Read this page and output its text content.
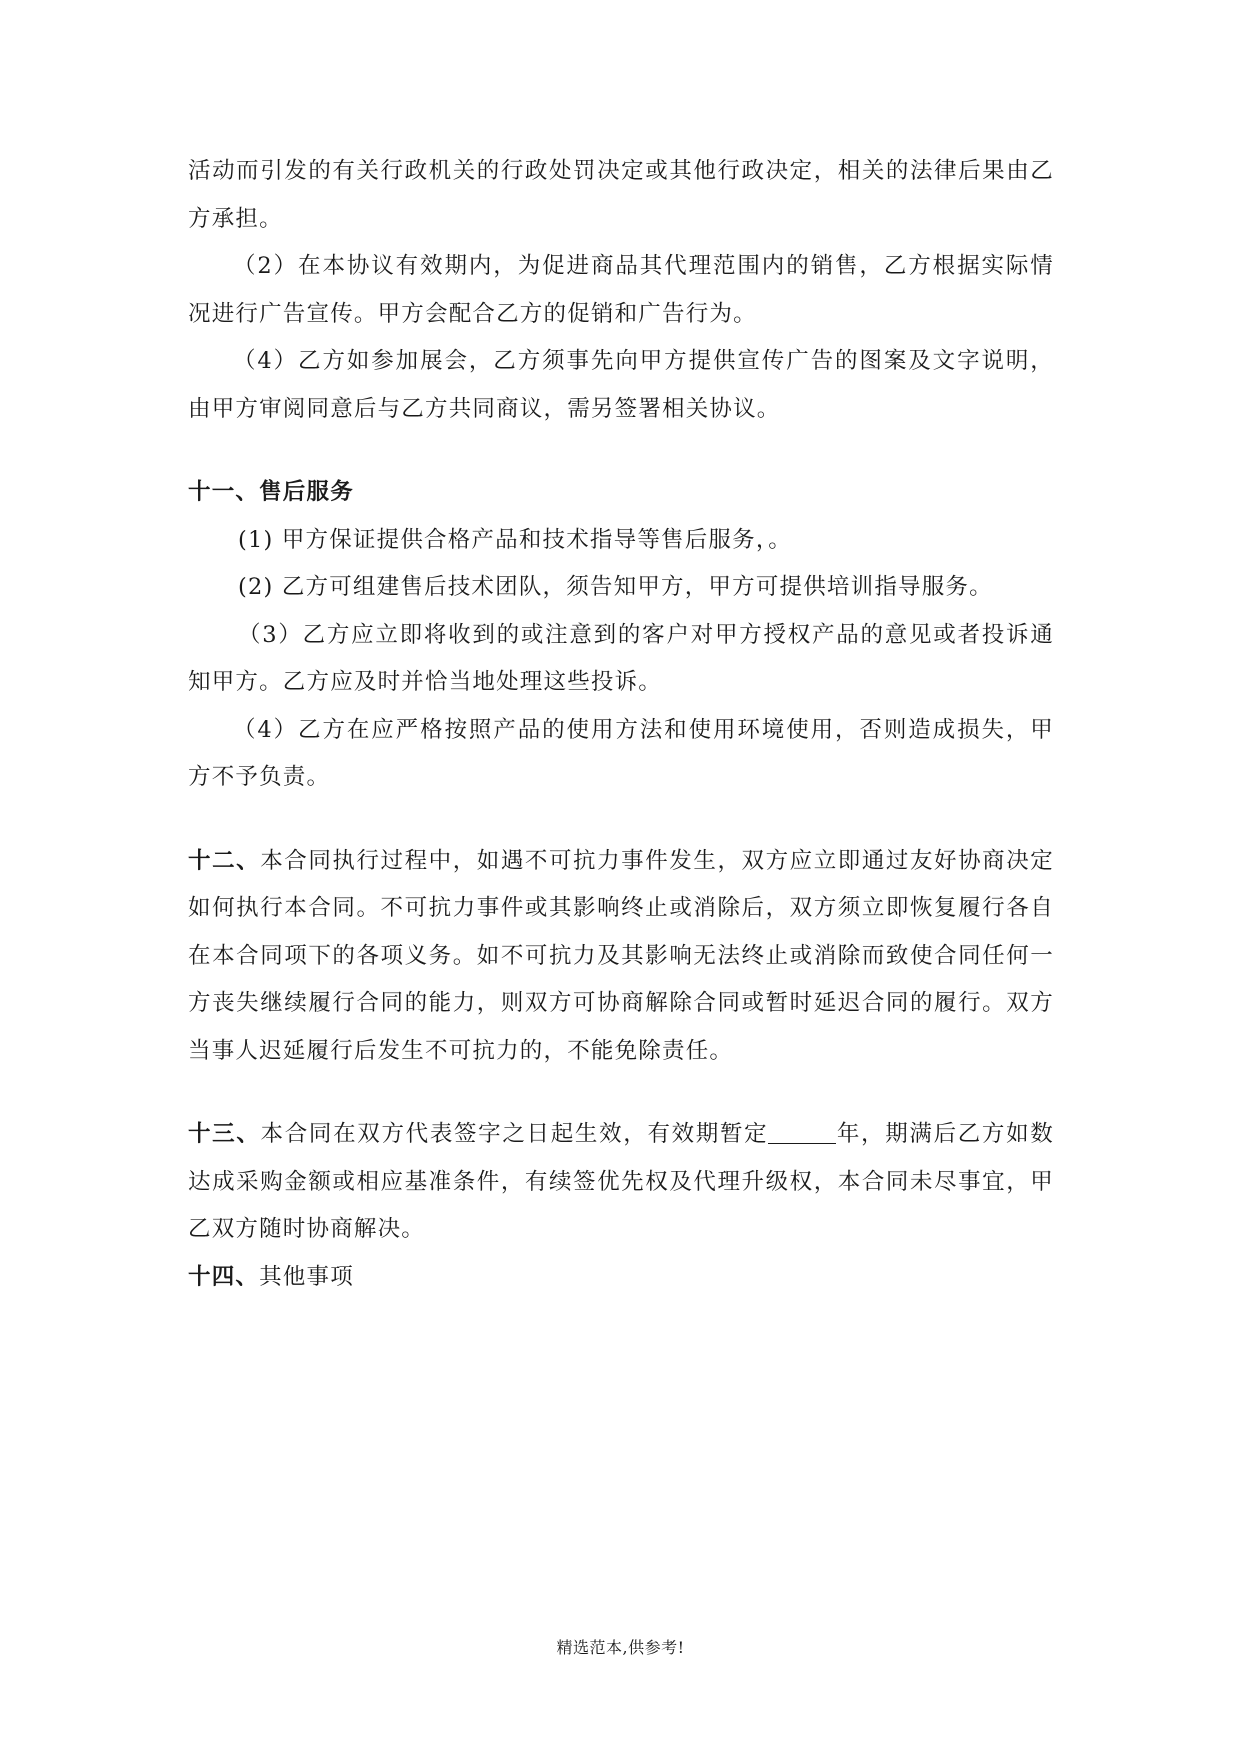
活动而引发的有关行政机关的行政处罚决定或其他行政决定，相关的法律后果由乙方承担。

（2）在本协议有效期内，为促进商品其代理范围内的销售，乙方根据实际情况进行广告宣传。甲方会配合乙方的促销和广告行为。

（4）乙方如参加展会，乙方须事先向甲方提供宣传广告的图案及文字说明，由甲方审阅同意后与乙方共同商议，需另签署相关协议。

十一、售后服务

(1) 甲方保证提供合格产品和技术指导等售后服务，。

(2) 乙方可组建售后技术团队，须告知甲方，甲方可提供培训指导服务。

（3）乙方应立即将收到的或注意到的客户对甲方授权产品的意见或者投诉通知甲方。乙方应及时并恰当地处理这些投诉。

（4）乙方在应严格按照产品的使用方法和使用环境使用，否则造成损失，甲方不予负责。

十二、本合同执行过程中，如遇不可抗力事件发生，双方应立即通过友好协商决定如何执行本合同。不可抗力事件或其影响终止或消除后，双方须立即恢复履行各自在本合同项下的各项义务。如不可抗力及其影响无法终止或消除而致使合同任何一方丧失继续履行合同的能力，则双方可协商解除合同或暂时延迟合同的履行。双方当事人迟延履行后发生不可抗力的，不能免除责任。

十三、本合同在双方代表签字之日起生效，有效期暂定	年，期满后乙方如数达成采购金额或相应基准条件，有续签优先权及代理升级权，本合同未尽事宜，甲乙双方随时协商解决。

十四、其他事项

精选范本,供参考!
